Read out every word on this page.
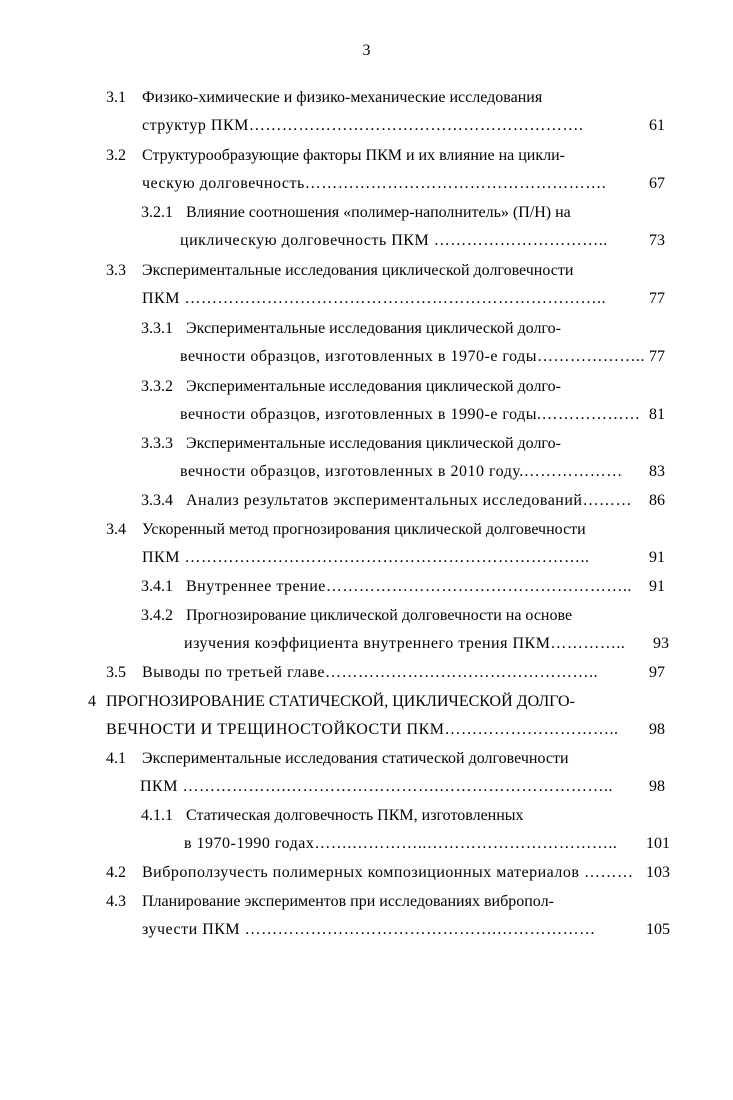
3
3.1 Физико-химические и физико-механические исследования
структур ПКМ…………………………………………………….	61
3.2 Структурообразующие факторы ПКМ и их влияние на цикли-
ческую долговечность……………………………………………….	67
3.2.1 Влияние соотношения «полимер-наполнитель» (П/Н) на
циклическую долговечность ПКМ …………………………..	73
3.3 Экспериментальные исследования циклической долговечности
ПКМ …………………………………………………………………..	77
3.3.1 Экспериментальные исследования циклической долго-
вечности образцов, изготовленных в 1970-е годы……………….. 77
3.3.2 Экспериментальные исследования циклической долго-
вечности образцов, изготовленных в 1990-е годы.……………… 81
3.3.3 Экспериментальные исследования циклической долго-
вечности образцов, изготовленных в 2010 году.……………… 83
3.3.4 Анализ результатов экспериментальных исследований……… 86
3.4 Ускоренный метод прогнозирования циклической долговечности
ПКМ ………………………………………………………………..	91
3.4.1 Внутреннее трение……………………………………………….. 91
3.4.2 Прогнозирование циклической долговечности на основе
изучения коэффициента внутреннего трения ПКМ………….. 93
3.5 Выводы по третьей главе…………………………………………..	97
4 ПРОГНОЗИРОВАНИЕ СТАТИЧЕСКОЙ, ЦИКЛИЧЕСКОЙ ДОЛГО-
ВЕЧНОСТИ И ТРЕЩИНОСТОЙКОСТИ ПКМ………………………….. 98
4.1 Экспериментальные исследования статической долговечности
ПКМ ……………….……………………….………………………….. 98
4.1.1 Статическая долговечность ПКМ, изготовленных
в 1970-1990 годах…….…………..…………………………….. 101
4.2 Виброползучесть полимерных композиционных материалов ……… 103
4.3 Планирование экспериментов при исследованиях вибропол-
зучести ПКМ ……………………………………….………………	105
